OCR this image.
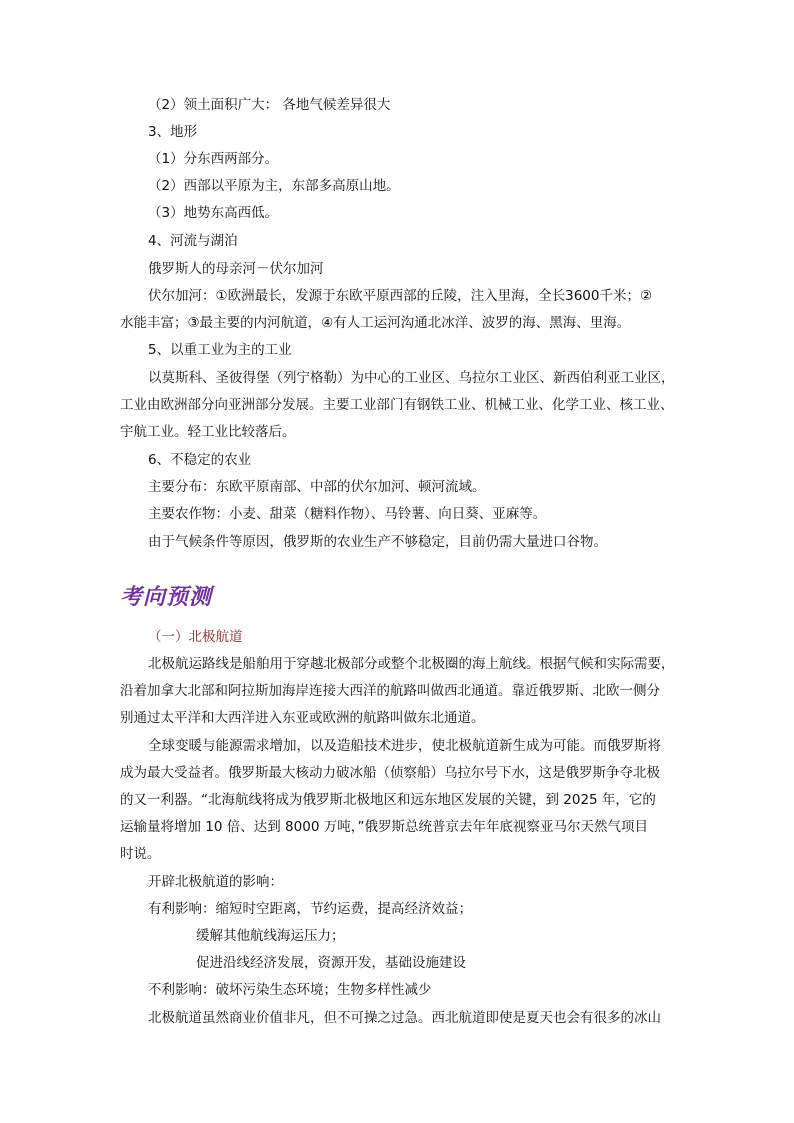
（2）领土面积广大： 各地气候差异很大
3、地形
（1）分东西两部分。
（2）西部以平原为主，东部多高原山地。
（3）地势东高西低。
4、河流与湖泊
俄罗斯人的母亲河－伏尔加河
伏尔加河：①欧洲最长，发源于东欧平原西部的丘陵，注入里海，全长3600千米；②
水能丰富；③最主要的内河航道，④有人工运河沟通北冰洋、波罗的海、黑海、里海。
5、以重工业为主的工业
以莫斯科、圣彼得堡（列宁格勒）为中心的工业区、乌拉尔工业区、新西伯利亚工业区，
工业由欧洲部分向亚洲部分发展。主要工业部门有钢铁工业、机械工业、化学工业、核工业、
宇航工业。轻工业比较落后。
6、不稳定的农业
主要分布：东欧平原南部、中部的伏尔加河、顿河流域。
主要农作物：小麦、甜菜（糖料作物）、马铃薯、向日葵、亚麻等。
由于气候条件等原因，俄罗斯的农业生产不够稳定，目前仍需大量进口谷物。
考向预测
（一）北极航道
北极航运路线是船舶用于穿越北极部分或整个北极圈的海上航线。根据气候和实际需要，
沿着加拿大北部和阿拉斯加海岸连接大西洋的航路叫做西北通道。靠近俄罗斯、北欧一侧分
别通过太平洋和大西洋进入东亚或欧洲的航路叫做东北通道。
全球变暖与能源需求增加，以及造船技术进步，使北极航道新生成为可能。而俄罗斯将
成为最大受益者。俄罗斯最大核动力破冰船（侦察船）乌拉尔号下水，这是俄罗斯争夺北极
的又一利器。“北海航线将成为俄罗斯北极地区和远东地区发展的关键，到 2025 年，它的
运输量将增加 10 倍、达到 8000 万吨，”俄罗斯总统普京去年年底视察亚马尔天然气项目
时说。
开辟北极航道的影响：
有利影响：缩短时空距离，节约运费，提高经济效益；
缓解其他航线海运压力；
促进沿线经济发展，资源开发，基础设施建设
不利影响：破坏污染生态环境；生物多样性减少
北极航道虽然商业价值非凡，但不可操之过急。西北航道即使是夏天也会有很多的冰山
